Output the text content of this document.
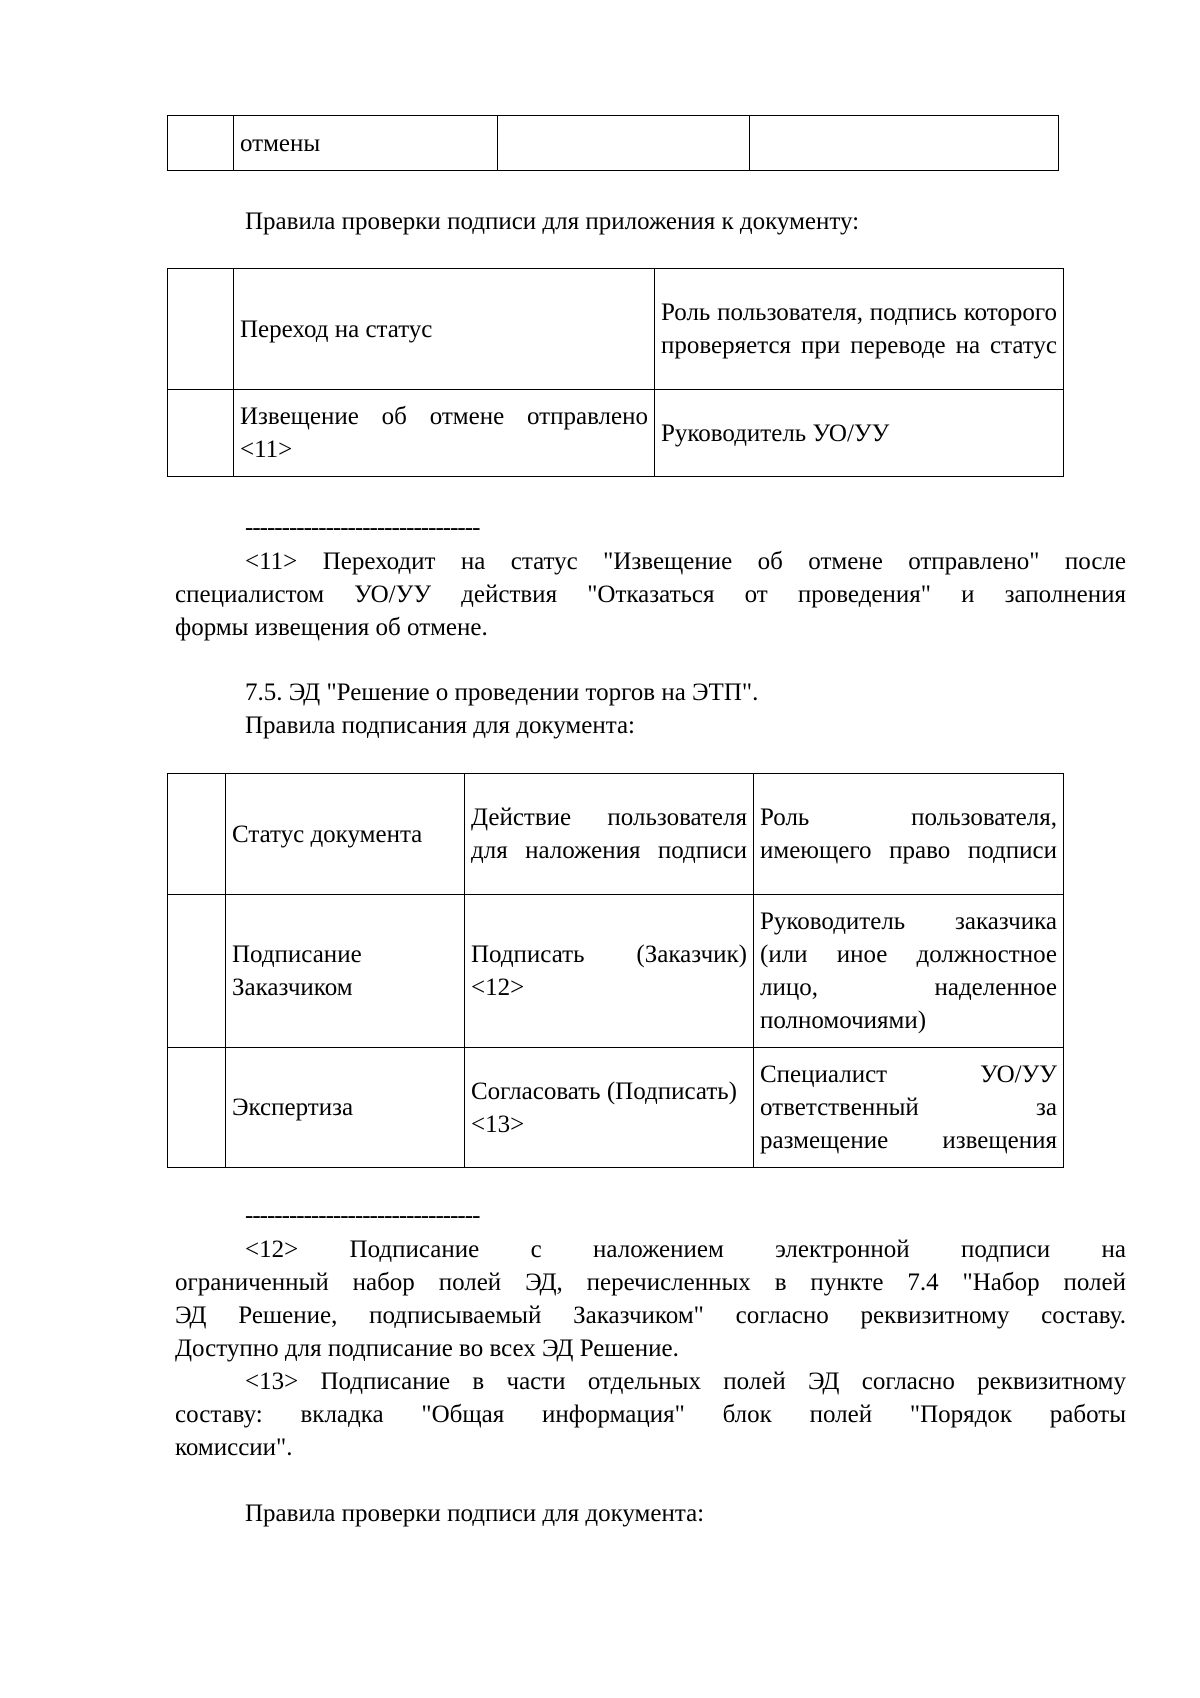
	отмены		
Правила проверки подписи для приложения к документу:
	Переход на статус	Роль пользователя, подпись которого проверяется при переводе на статус
	Извещение об отмене отправлено <11>	Руководитель УО/УУ
--------------------------------
<11> Переходит на статус "Извещение об отмене отправлено" после
специалистом УО/УУ действия "Отказаться от проведения" и заполнения
формы извещения об отмене.
7.5. ЭД "Решение о проведении торгов на ЭТП".
Правила подписания для документа:
	Статус документа	Действие пользователя для наложения подписи	Роль пользователя, имеющего право подписи
	Подписание Заказчиком	Подписать (Заказчик) <12>	Руководитель заказчика (или иное должностное лицо, наделенное полномочиями)
	Экспертиза	Согласовать (Подписать) <13>	Специалист УО/УУ ответственный за размещение извещения
--------------------------------
<12> Подписание с наложением электронной подписи на
ограниченный набор полей ЭД, перечисленных в пункте 7.4 "Набор полей
ЭД Решение, подписываемый Заказчиком" согласно реквизитному составу.
Доступно для подписание во всех ЭД Решение.
<13> Подписание в части отдельных полей ЭД согласно реквизитному
составу: вкладка "Общая информация" блок полей "Порядок работы
комиссии".
Правила проверки подписи для документа:
